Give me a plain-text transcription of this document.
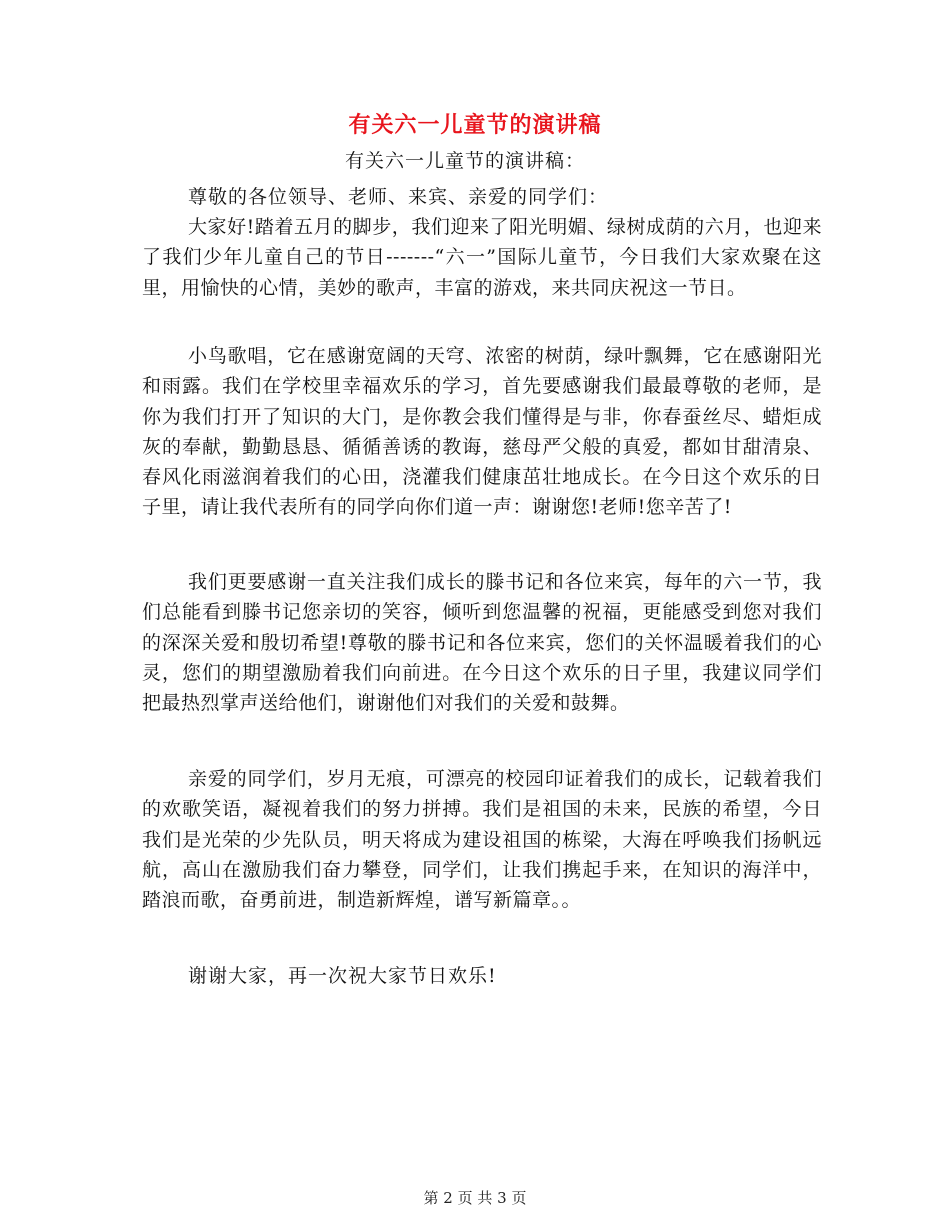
有关六一儿童节的演讲稿
有关六一儿童节的演讲稿：
尊敬的各位领导、老师、来宾、亲爱的同学们：
大家好!踏着五月的脚步，我们迎来了阳光明媚、绿树成荫的六月，也迎来了我们少年儿童自己的节日-------“六一”国际儿童节，今日我们大家欢聚在这里，用愉快的心情，美妙的歌声，丰富的游戏，来共同庆祝这一节日。
小鸟歌唱，它在感谢宽阔的天穹、浓密的树荫，绿叶飘舞，它在感谢阳光和雨露。我们在学校里幸福欢乐的学习，首先要感谢我们最最尊敬的老师，是你为我们打开了知识的大门，是你教会我们懂得是与非，你春蚕丝尽、蜡炬成灰的奉献，勤勤恳恳、循循善诱的教诲，慈母严父般的真爱，都如甘甜清泉、春风化雨滋润着我们的心田，浇灌我们健康茁壮地成长。在今日这个欢乐的日子里，请让我代表所有的同学向你们道一声：谢谢您!老师!您辛苦了!
我们更要感谢一直关注我们成长的滕书记和各位来宾，每年的六一节，我们总能看到滕书记您亲切的笑容，倾听到您温馨的祝福，更能感受到您对我们的深深关爱和殷切希望!尊敬的滕书记和各位来宾，您们的关怀温暖着我们的心灵，您们的期望激励着我们向前进。在今日这个欢乐的日子里，我建议同学们把最热烈掌声送给他们，谢谢他们对我们的关爱和鼓舞。
亲爱的同学们，岁月无痕，可漂亮的校园印证着我们的成长，记载着我们的欢歌笑语，凝视着我们的努力拼搏。我们是祖国的未来，民族的希望，今日我们是光荣的少先队员，明天将成为建设祖国的栋梁，大海在呼唤我们扬帆远航，高山在激励我们奋力攀登，同学们，让我们携起手来，在知识的海洋中，踏浪而歌，奋勇前进，制造新辉煌，谱写新篇章。。
谢谢大家，再一次祝大家节日欢乐!
第 2 页 共 3 页
